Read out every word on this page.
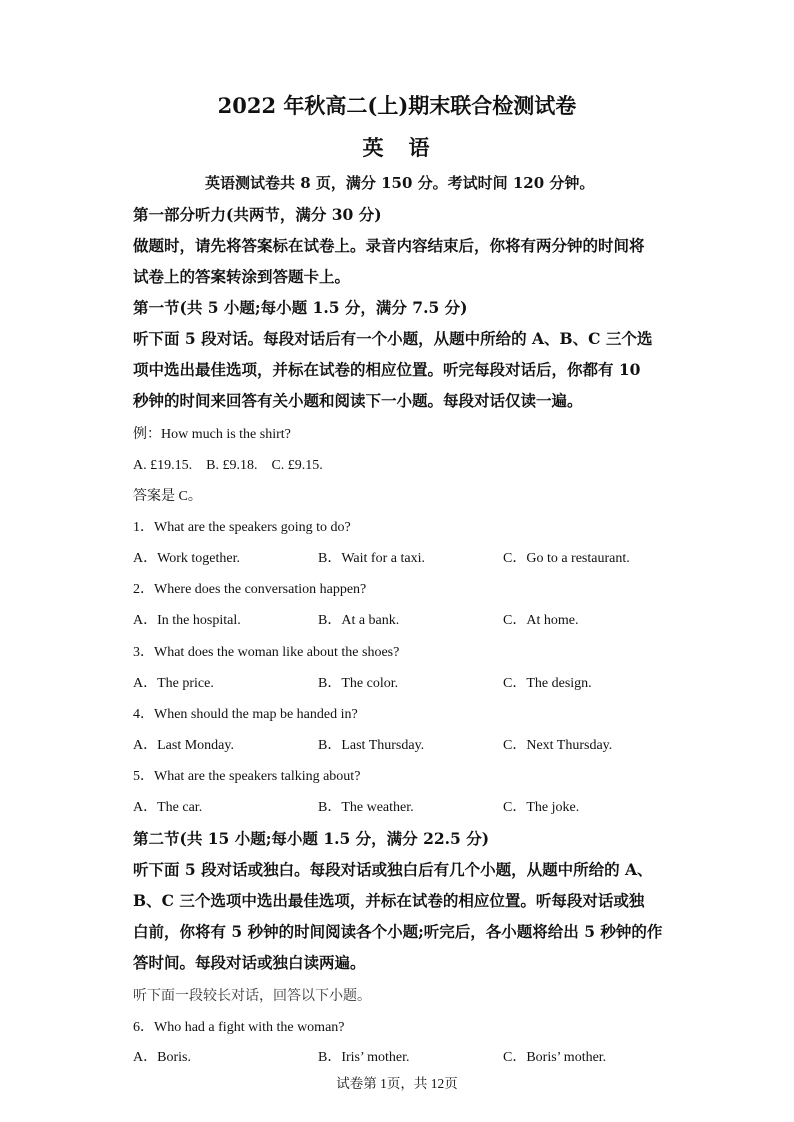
2022 年秋高二(上)期末联合检测试卷
英　语
英语测试卷共 8 页，满分 150 分。考试时间 120 分钟。
第一部分听力(共两节，满分 30 分)
做题时，请先将答案标在试卷上。录音内容结束后，你将有两分钟的时间将
试卷上的答案转涂到答题卡上。
第一节(共 5 小题;每小题 1.5 分，满分 7.5 分)
听下面 5 段对话。每段对话后有一个小题，从题中所给的 A、B、C 三个选
项中选出最佳选项，并标在试卷的相应位置。听完每段对话后，你都有 10
秒钟的时间来回答有关小题和阅读下一小题。每段对话仅读一遍。
例：How much is the shirt?
A. £19.15.　B. £9.18.　C. £9.15.
答案是 C。
1．What are the speakers going to do?
A．Work together.	B．Wait for a taxi.	C．Go to a restaurant.
2．Where does the conversation happen?
A．In the hospital.	B．At a bank.	C．At home.
3．What does the woman like about the shoes?
A．The price.	B．The color.	C．The design.
4．When should the map be handed in?
A．Last Monday.	B．Last Thursday.	C．Next Thursday.
5．What are the speakers talking about?
A．The car.	B．The weather.	C．The joke.
第二节(共 15 小题;每小题 1.5 分，满分 22.5 分)
听下面 5 段对话或独白。每段对话或独白后有几个小题，从题中所给的 A、
B、C 三个选项中选出最佳选项，并标在试卷的相应位置。听每段对话或独
白前，你将有 5 秒钟的时间阅读各个小题;听完后，各小题将给出 5 秒钟的作
答时间。每段对话或独白读两遍。
听下面一段较长对话，回答以下小题。
6．Who had a fight with the woman?
A．Boris.	B．Iris’ mother.	C．Boris’ mother.
试卷第 1页，共 12页
